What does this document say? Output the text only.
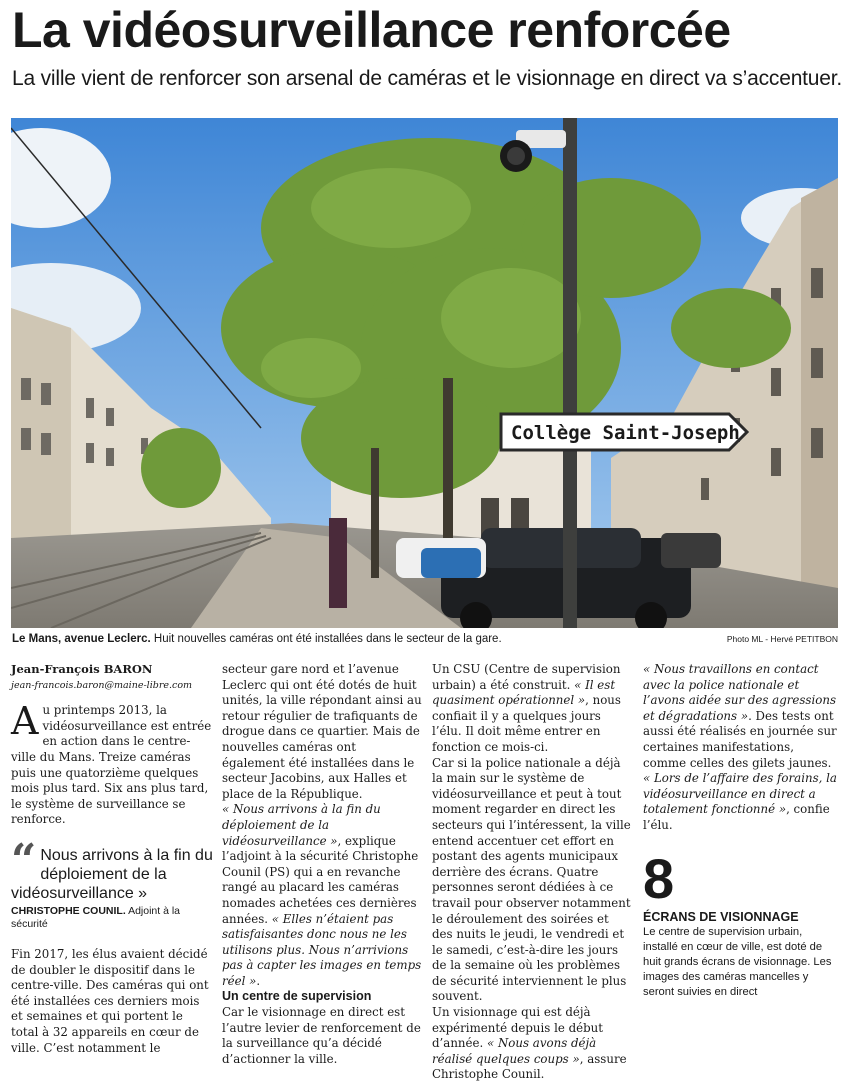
La vidéosurveillance renforcée
La ville vient de renforcer son arsenal de caméras et le visionnage en direct va s’accentuer.
Collège Saint-Joseph
Le Mans, avenue Leclerc. Huit nouvelles caméras ont été installées dans le secteur de la gare.	Photo ML - Hervé PETITBON

Jean-François BARON

jean-francois.baron@maine-libre.com

Au printemps 2013, la vidéosurveillance est entrée en action dans le centre-ville du Mans. Treize caméras puis une quatorzième quelques mois plus tard. Six ans plus tard, le système de surveillance se renforce.

“ Nous arrivons à la fin du déploiement de la vidéosurveillance »
CHRISTOPHE COUNIL. Adjoint à la sécurité

Fin 2017, les élus avaient décidé de doubler le dispositif dans le centre-ville. Des caméras qui ont été installées ces derniers mois et semaines et qui portent le total à 32 appareils en cœur de ville. C’est notamment le

secteur gare nord et l’avenue Leclerc qui ont été dotés de huit unités, la ville répondant ainsi au retour régulier de trafiquants de drogue dans ce quartier. Mais de nouvelles caméras ont également été installées dans le secteur Jacobins, aux Halles et place de la République.

« Nous arrivons à la fin du déploiement de la vidéosurveillance », explique l’adjoint à la sécurité Christophe Counil (PS) qui a en revanche rangé au placard les caméras nomades achetées ces dernières années. « Elles n’étaient pas satisfaisantes donc nous ne les utilisons plus. Nous n’arrivions pas à capter les images en temps réel ».

Un centre de supervision

Car le visionnage en direct est l’autre levier de renforcement de la surveillance qu’a décidé d’actionner la ville.

Un CSU (Centre de supervision urbain) a été construit. « Il est quasiment opérationnel », nous confiait il y a quelques jours l’élu. Il doit même entrer en fonction ce mois-ci.

Car si la police nationale a déjà la main sur le système de vidéosurveillance et peut à tout moment regarder en direct les secteurs qui l’intéressent, la ville entend accentuer cet effort en postant des agents municipaux derrière des écrans. Quatre personnes seront dédiées à ce travail pour observer notamment le déroulement des soirées et des nuits le jeudi, le vendredi et le samedi, c’est-à-dire les jours de la semaine où les problèmes de sécurité interviennent le plus souvent.

Un visionnage qui est déjà expérimenté depuis le début d’année. « Nous avons déjà réalisé quelques coups », assure Christophe Counil.

« Nous travaillons en contact avec la police nationale et l’avons aidée sur des agressions et dégradations ». Des tests ont aussi été réalisés en journée sur certaines manifestations, comme celles des gilets jaunes. « Lors de l’affaire des forains, la vidéosurveillance en direct a totalement fonctionné », confie l’élu.

8
ÉCRANS DE VISIONNAGE
Le centre de supervision urbain, installé en cœur de ville, est doté de huit grands écrans de visionnage. Les images des caméras mancelles y seront suivies en direct
